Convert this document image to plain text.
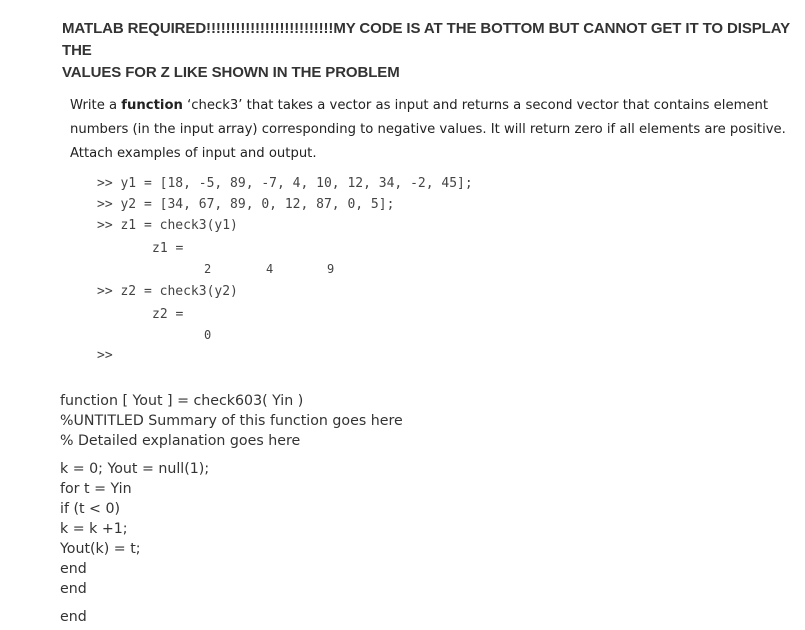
MATLAB REQUIRED!!!!!!!!!!!!!!!!!!!!!!!!!!MY CODE IS AT THE BOTTOM BUT CANNOT GET IT TO DISPLAY THE
VALUES FOR Z LIKE SHOWN IN THE PROBLEM
Write a function ‘check3’ that takes a vector as input and returns a second vector that contains element
numbers (in the input array) corresponding to negative values. It will return zero if all elements are positive.
Attach examples of input and output.
>> y1 = [18, -5, 89, -7, 4, 10, 12, 34, -2, 45];
>> y2 = [34, 67, 89, 0, 12, 87, 0, 5];
>> z1 = check3(y1)
z1 =
2	4	9
>> z2 = check3(y2)
z2 =
0
>>
function [ Yout ] = check603( Yin )
%UNTITLED Summary of this function goes here
% Detailed explanation goes here
k = 0; Yout = null(1);
for t = Yin
if (t < 0)
k = k +1;
Yout(k) = t;
end
end
end
